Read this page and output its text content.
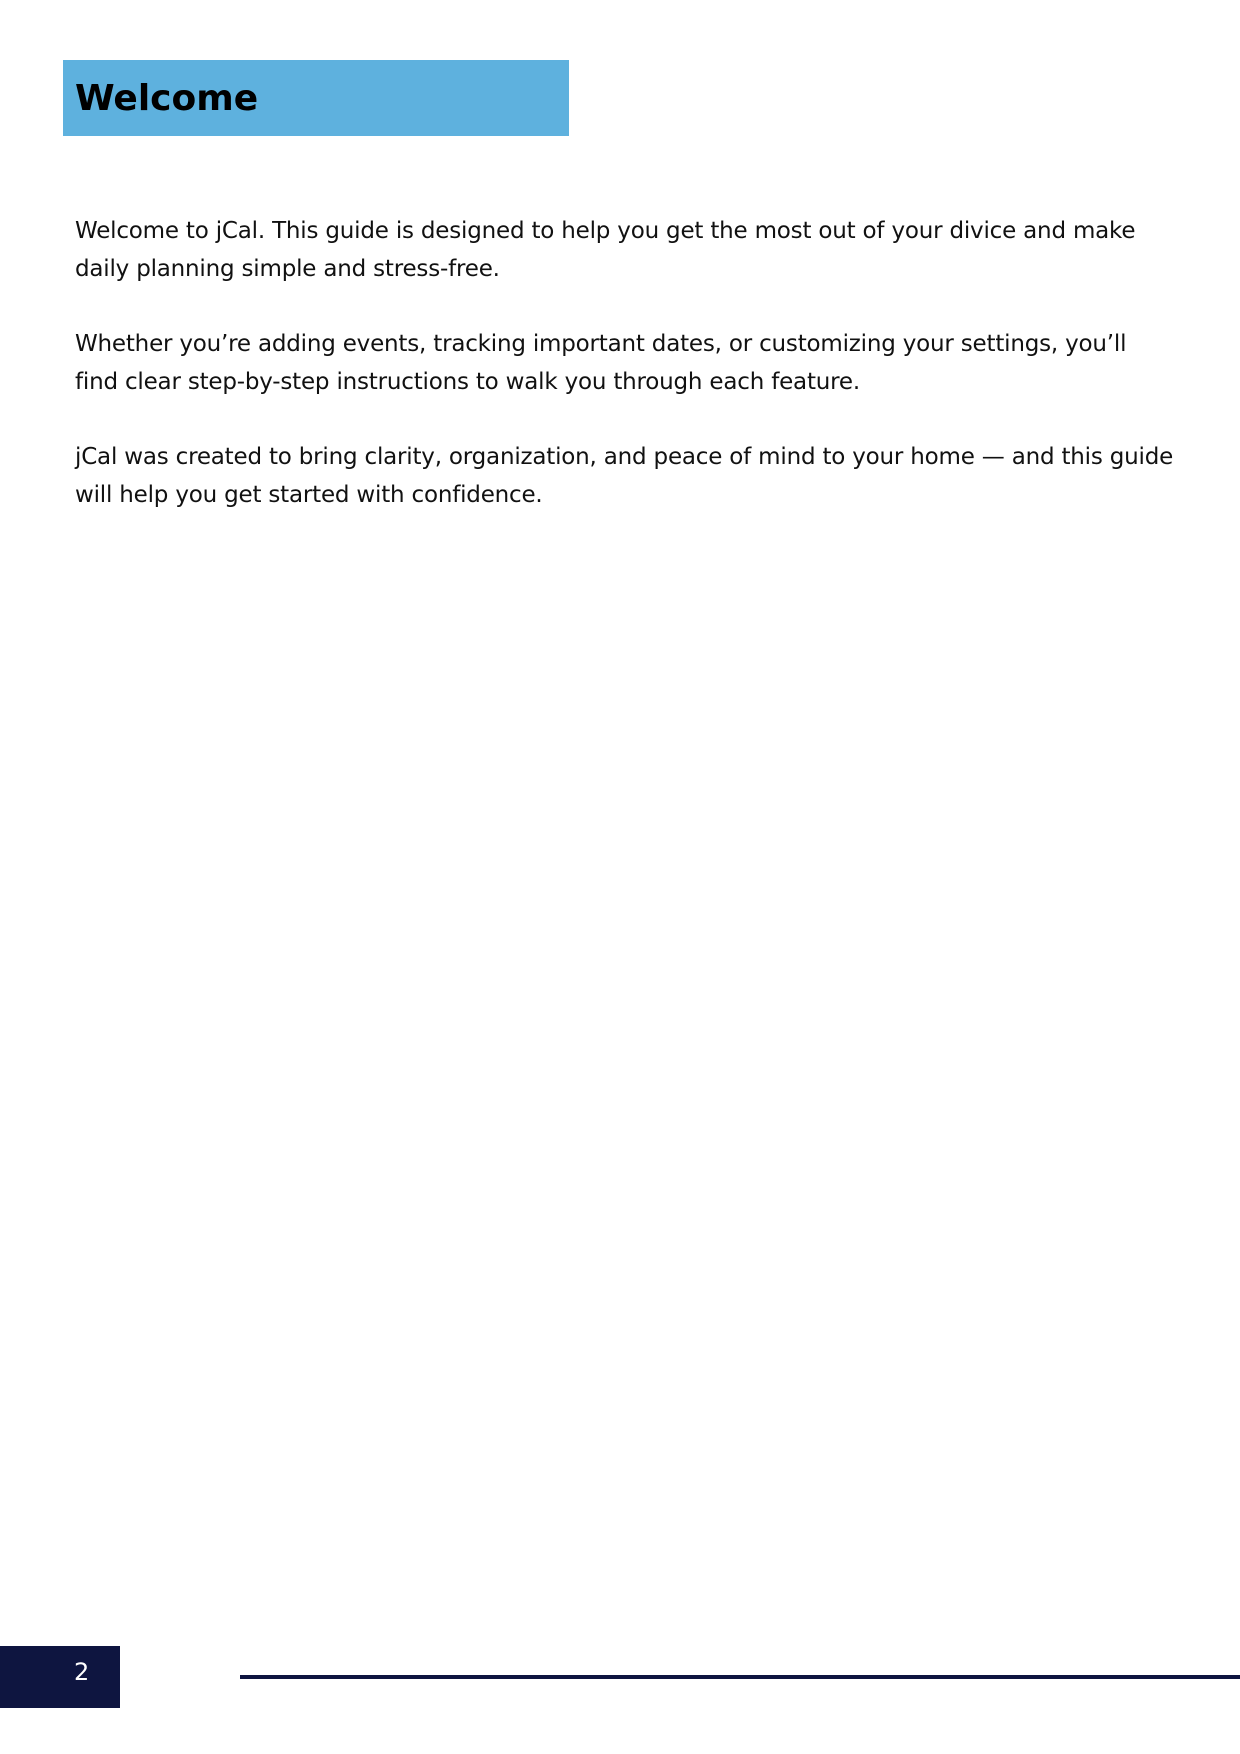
Welcome

Welcome to jCal. This guide is designed to help you get the most out of your divice and make daily planning simple and stress-free.

Whether you’re adding events, tracking important dates, or customizing your settings, you’ll find clear step-by-step instructions to walk you through each feature.

jCal was created to bring clarity, organization, and peace of mind to your home — and this guide will help you get started with confidence.

2
